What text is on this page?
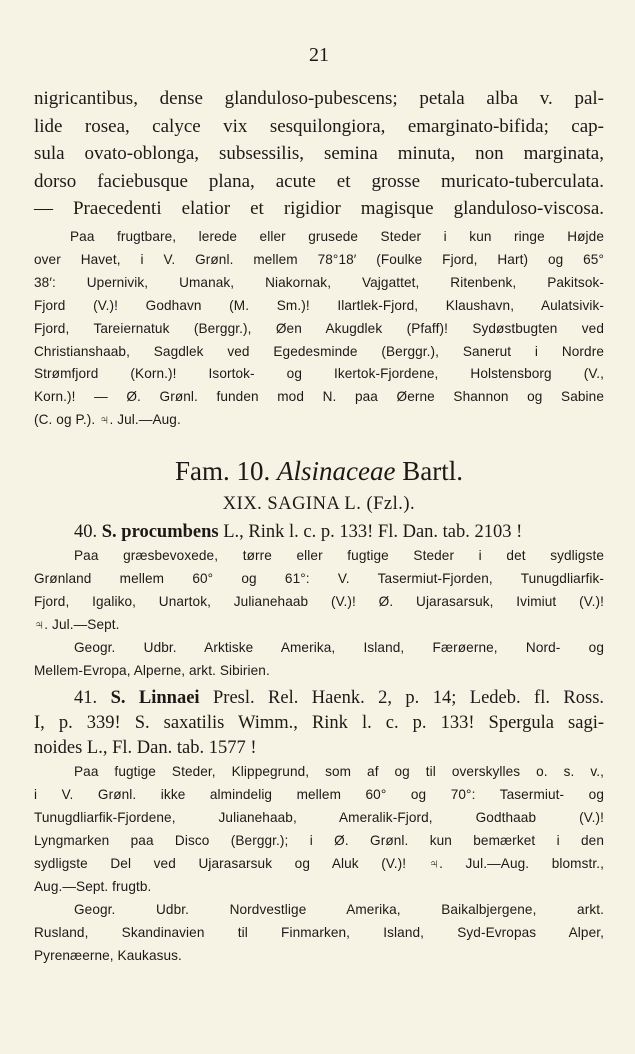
21
nigricantibus, dense glanduloso-pubescens; petala alba v. pal-
lide rosea, calyce vix sesquilongiora, emarginato-bifida; cap-
sula ovato-oblonga, subsessilis, semina minuta, non marginata,
dorso faciebusque plana, acute et grosse muricato-tuberculata.
— Praecedenti elatior et rigidior magisque glanduloso-viscosa.
Paa frugtbare, lerede eller grusede Steder i kun ringe Højde
over Havet, i V. Grønl. mellem 78°18′ (Foulke Fjord, Hart) og 65°
38′: Upernivik, Umanak, Niakornak, Vajgattet, Ritenbenk, Pakitsok-
Fjord (V.)! Godhavn (M. Sm.)! Ilartlek-Fjord, Klaushavn, Aulatsivik-
Fjord, Tareiernatuk (Berggr.), Øen Akugdlek (Pfaff)! Sydøstbugten ved
Christianshaab, Sagdlek ved Egedesminde (Berggr.), Sanerut i Nordre
Strømfjord (Korn.)! Isortok- og Ikertok-Fjordene, Holstensborg (V.,
Korn.)! — Ø. Grønl. funden mod N. paa Øerne Shannon og Sabine
(C. og P.). ♃. Jul.—Aug.
Fam. 10. Alsinaceae Bartl.
XIX. SAGINA L. (Fzl.).
40. S. procumbens L., Rink l. c. p. 133! Fl. Dan. tab. 2103 !
Paa græsbevoxede, tørre eller fugtige Steder i det sydligste
Grønland mellem 60° og 61°: V. Tasermiut-Fjorden, Tunugdliarfik-
Fjord, Igaliko, Unartok, Julianehaab (V.)! Ø. Ujarasarsuk, Ivimiut (V.)!
♃. Jul.—Sept.
Geogr. Udbr. Arktiske Amerika, Island, Færøerne, Nord- og
Mellem-Evropa, Alperne, arkt. Sibirien.
41. S. Linnaei Presl. Rel. Haenk. 2, p. 14; Ledeb. fl. Ross.
I, p. 339! S. saxatilis Wimm., Rink l. c. p. 133! Spergula sagi-
noides L., Fl. Dan. tab. 1577 !
Paa fugtige Steder, Klippegrund, som af og til overskylles o. s. v.,
i V. Grønl. ikke almindelig mellem 60° og 70°: Tasermiut- og
Tunugdliarfik-Fjordene, Julianehaab, Ameralik-Fjord, Godthaab (V.)!
Lyngmarken paa Disco (Berggr.); i Ø. Grønl. kun bemærket i den
sydligste Del ved Ujarasarsuk og Aluk (V.)! ♃. Jul.—Aug. blomstr.,
Aug.—Sept. frugtb.
Geogr. Udbr. Nordvestlige Amerika, Baikalbjergene, arkt.
Rusland, Skandinavien til Finmarken, Island, Syd-Evropas Alper,
Pyrenæerne, Kaukasus.
